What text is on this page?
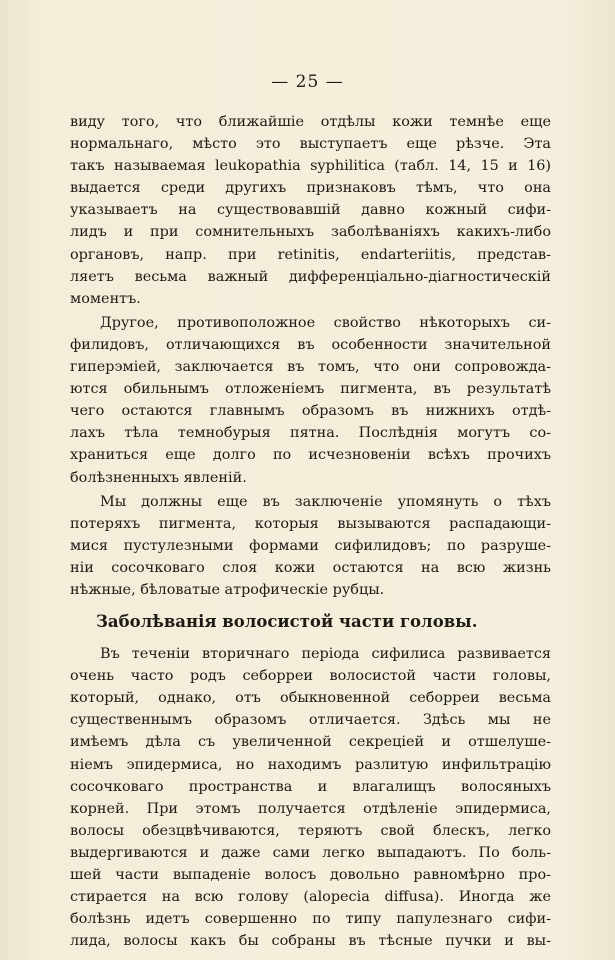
— 25 —
виду того, что ближайшіе отдѣлы кожи темнѣе еще
нормальнаго, мѣсто это выступаетъ еще рѣзче. Эта
такъ называемая leukopathia syphilitica (табл. 14, 15 и 16)
выдается среди другихъ признаковъ тѣмъ, что она
указываетъ на существовавшій давно кожный сифи-
лидъ и при сомнительныхъ заболѣваніяхъ какихъ-либо
органовъ, напр. при retinitis, endarteriitis, представ-
ляетъ весьма важный дифференціально-діагностическій
моментъ.
Другое, противоположное свойство нѣкоторыхъ си-
филидовъ, отличающихся въ особенности значительной
гиперэміей, заключается въ томъ, что они сопровожда-
ются обильнымъ отложеніемъ пигмента, въ результатѣ
чего остаются главнымъ образомъ въ нижнихъ отдѣ-
лахъ тѣла темнобурыя пятна. Послѣднія могутъ со-
храниться еще долго по исчезновеніи всѣхъ прочихъ
болѣзненныхъ явленій.
Мы должны еще въ заключеніе упомянуть о тѣхъ
потеряхъ пигмента, которыя вызываются распадающи-
мися пустулезными формами сифилидовъ; по разруше-
ніи сосочковаго слоя кожи остаются на всю жизнь
нѣжные, бѣловатые атрофическіе рубцы.
Заболѣванія волосистой части головы.
Въ теченіи вторичнаго періода сифилиса развивается
очень часто родъ себорреи волосистой части головы,
который, однако, отъ обыкновенной себорреи весьма
существеннымъ образомъ отличается. Здѣсь мы не
имѣемъ дѣла съ увеличенной секреціей и отшелуше-
ніемъ эпидермиса, но находимъ разлитую инфильтрацію
сосочковаго пространства и влагалищъ волосяныхъ
корней. При этомъ получается отдѣленіе эпидермиса,
волосы обезцвѣчиваются, теряютъ свой блескъ, легко
выдергиваются и даже сами легко выпадаютъ. По боль-
шей части выпаденіе волосъ довольно равномѣрно про-
стирается на всю голову (alopecia diffusa). Иногда же
болѣзнь идетъ совершенно по типу папулезнаго сифи-
лида, волосы какъ бы собраны въ тѣсные пучки и вы-
